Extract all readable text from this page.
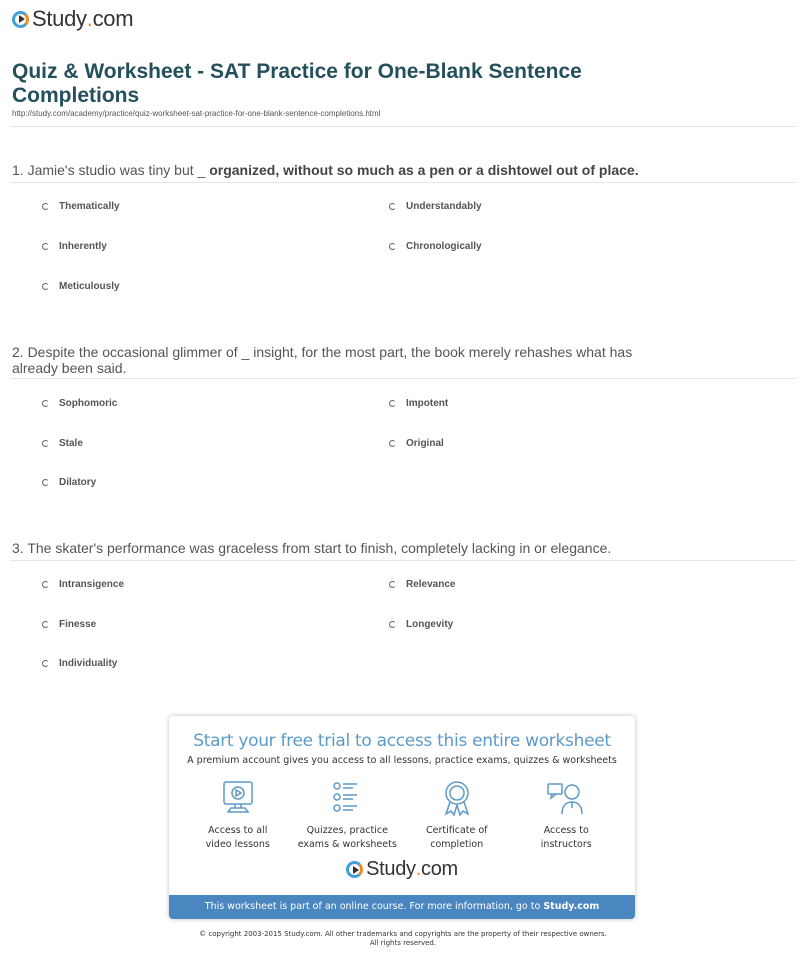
Study . com
Quiz & Worksheet - SAT Practice for One-Blank Sentence Completions
http://study.com/academy/practice/quiz-worksheet-sat-practice-for-one-blank-sentence-completions.html
1. Jamie's studio was tiny but _ organized, without so much as a pen or a dishtowel out of place.
Thematically	Understandably
Inherently	Chronologically
Meticulously
2. Despite the occasional glimmer of _ insight, for the most part, the book merely rehashes what has already been said.
Sophomoric	Impotent
Stale	Original
Dilatory
3. The skater's performance was graceless from start to finish, completely lacking in or elegance.
Intransigence	Relevance
Finesse	Longevity
Individuality
Start your free trial to access this entire worksheet
A premium account gives you access to all lessons, practice exams, quizzes & worksheets
Access to all
video lessons
Quizzes, practice
exams & worksheets
Certificate of
completion
Access to
instructors
Study . com
This worksheet is part of an online course. For more information, go to Study.com
© copyright 2003-2015 Study.com. All other trademarks and copyrights are the property of their respective owners.
All rights reserved.
